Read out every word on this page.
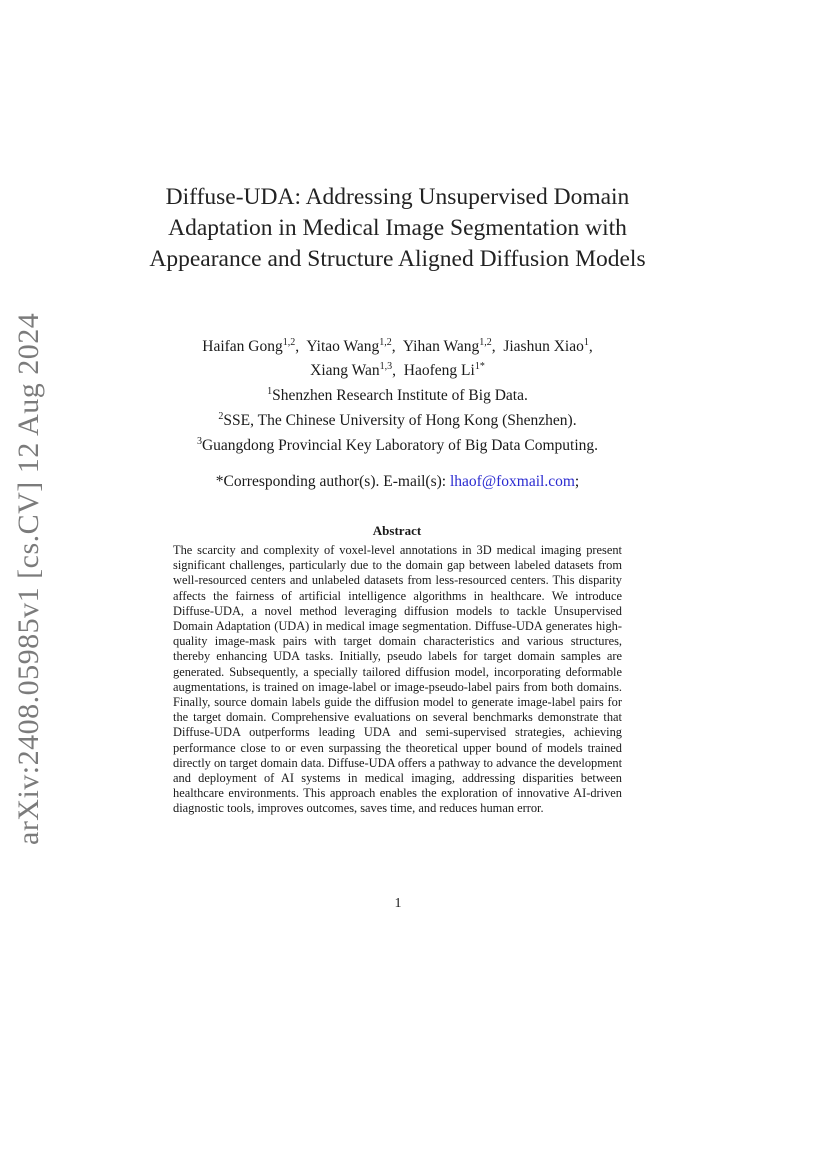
arXiv:2408.05985v1 [cs.CV] 12 Aug 2024
Diffuse-UDA: Addressing Unsupervised Domain Adaptation in Medical Image Segmentation with Appearance and Structure Aligned Diffusion Models
Haifan Gong$^{1,2}$,  Yitao Wang$^{1,2}$,  Yihan Wang$^{1,2}$,  Jiashun Xiao$^1$,
Xiang Wan$^{1,3}$,  Haofeng $Li^{1*}$
$^1$Shenzhen Research Institute of Big Data.
$^2$SSE, The Chinese University of Hong Kong (Shenzhen).
$^3$Guangdong Provincial Key Laboratory of Big Data Computing.
*Corresponding author(s). E-mail(s): lhaof@foxmail.com;
Abstract
The scarcity and complexity of voxel-level annotations in 3D medical imaging present significant challenges, particularly due to the domain gap between labeled datasets from well-resourced centers and unlabeled datasets from less-resourced centers. This disparity affects the fairness of artificial intelligence algorithms in healthcare. We introduce Diffuse-UDA, a novel method leveraging diffusion models to tackle Unsupervised Domain Adaptation (UDA) in medical image segmentation. Diffuse-UDA generates high-quality image-mask pairs with target domain characteristics and various structures, thereby enhancing UDA tasks. Initially, pseudo labels for target domain samples are generated. Subsequently, a specially tailored diffusion model, incorporating deformable augmentations, is trained on image-label or image-pseudo-label pairs from both domains. Finally, source domain labels guide the diffusion model to generate image-label pairs for the target domain. Comprehensive evaluations on several benchmarks demonstrate that Diffuse-UDA outperforms leading UDA and semi-supervised strategies, achieving performance close to or even surpassing the theoretical upper bound of models trained directly on target domain data. Diffuse-UDA offers a pathway to advance the development and deployment of AI systems in medical imaging, addressing disparities between healthcare environments. This approach enables the exploration of innovative AI-driven diagnostic tools, improves outcomes, saves time, and reduces human error.
1
